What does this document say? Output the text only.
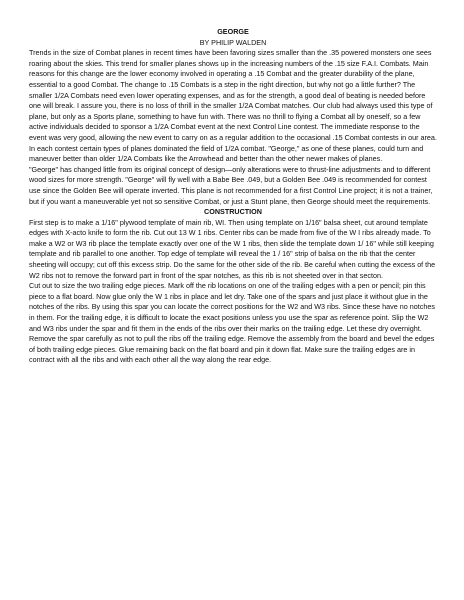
GEORGE

BY PHILIP WALDEN

Trends in the size of Combat planes in recent times have been favoring sizes smaller than the .35 powered monsters one sees roaring about the skies. This trend for smaller planes shows up in the increasing numbers of the .15 size F.A.I. Combats. Main reasons for this change are the lower economy involved in operating a .15 Combat and the greater durability of the plane, essential to a good Combat. The change to .15 Combats is a step in the right direction, but why not go a little further? The smaller 1/2A Combats need even lower operating expenses, and as for the strength, a good deal of beating is needed before one will break. I assure you, there is no loss of thrill in the smaller 1/2A Combat matches. Our club had always used this type of plane, but only as a Sports plane, something to have fun with. There was no thrill to flying a Combat all by oneself, so a few active individuals decided to sponsor a 1/2A Combat event at the next Control Line contest. The immediate response to the event was very good, allowing the new event to carry on as a regular addition to the occasional .15 Combat contests in our area. In each contest certain types of planes dominated the field of 1/2A combat. "George," as one of these planes, could turn and maneuver better than older 1/2A Combats like the Arrowhead and better than the other newer makes of planes.

"George" has changed little from its original concept of design—only alterations were to thrust-line adjustments and to different wood sizes for more strength. "George" will fly well with a Babe Bee .049, but a Golden Bee .049 is recommended for contest use since the Golden Bee will operate inverted. This plane is not recommended for a first Control Line project; it is not a trainer, but if you want a maneuverable yet not so sensitive Combat, or just a Stunt plane, then George should meet the requirements.

CONSTRUCTION

First step is to make a 1/16" plywood template of main rib, WI. Then using template on 1/16" balsa sheet, cut around template edges with X-acto knife to form the rib. Cut out 13 W 1 ribs. Center ribs can be made from five of the W I ribs already made. To make a W2 or W3 rib place the template exactly over one of the W 1 ribs, then slide the template down 1/ 16" while still keeping template and rib parallel to one another. Top edge of template will reveal the 1 / 16" strip of balsa on the rib that the center sheeting will occupy; cut off this excess strip. Do the same for the other side of the rib. Be careful when cutting the excess of the W2 ribs not to remove the forward part in front of the spar notches, as this rib is not sheeted over in that secton.

Cut out to size the two trailing edge pieces. Mark off the rib locations on one of the trailing edges with a pen or pencil; pin this piece to a flat board. Now glue only the W 1 ribs in place and let dry. Take one of the spars and just place it without glue in the notches of the ribs. By using this spar you can locate the correct positions for the W2 and W3 ribs. Since these have no notches in them. For the trailing edge, it is difficult to locate the exact positions unless you use the spar as reference point. Slip the W2 and W3 ribs under the spar and fit them in the ends of the ribs over their marks on the trailing edge. Let these dry overnight. Remove the spar carefully as not to pull the ribs off the trailing edge. Remove the assembly from the board and bevel the edges of both trailing edge pieces. Glue remaining back on the flat board and pin it down flat. Make sure the trailing edges are in contract with all the ribs and with each other all the way along the rear edge.
